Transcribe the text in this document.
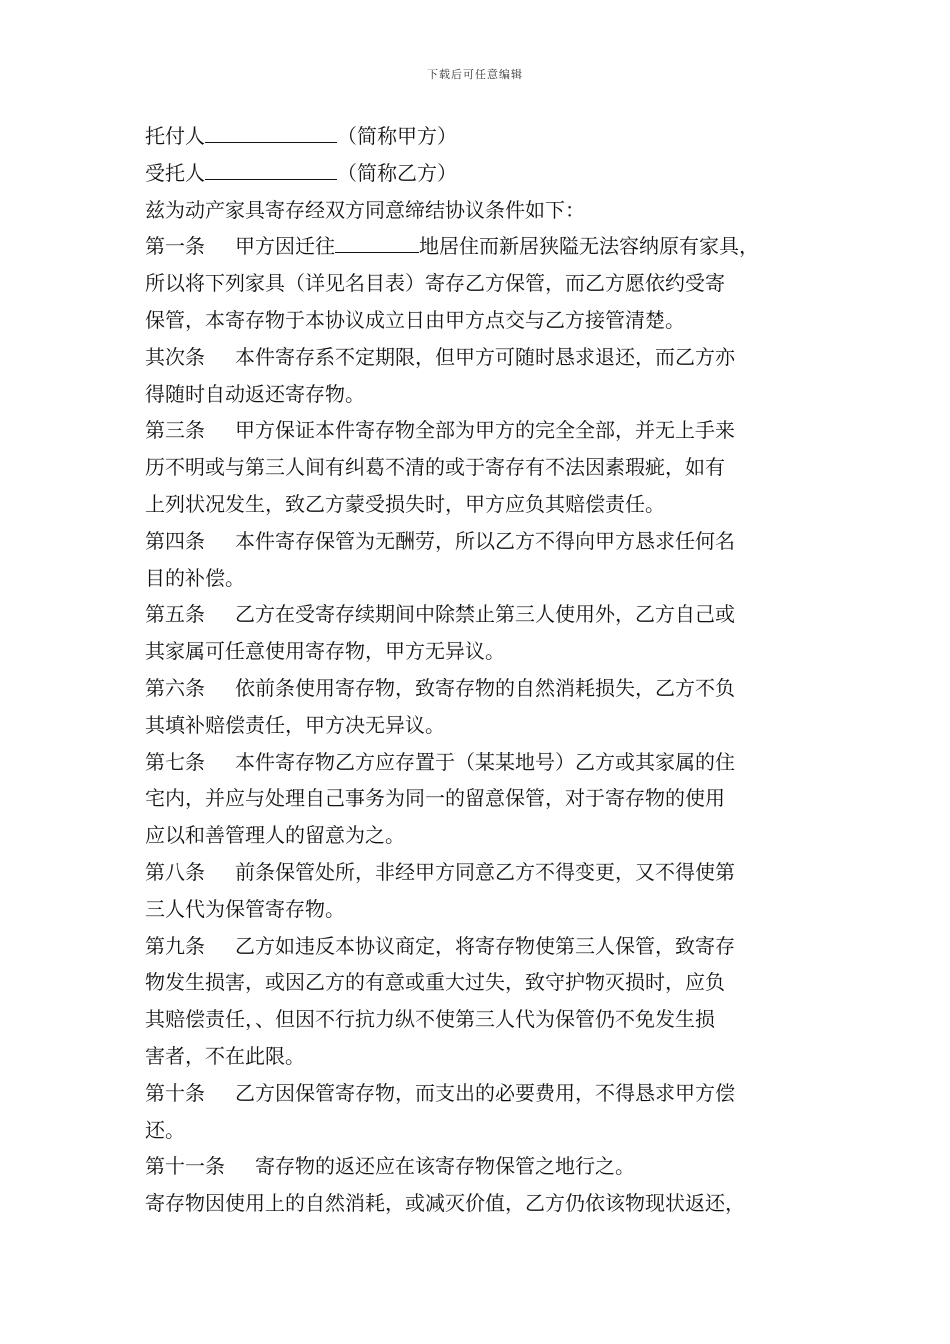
下载后可任意编辑
托付人	（简称甲方）
受托人	（简称乙方）
兹为动产家具寄存经双方同意缔结协议条件如下：
第一条　 甲方因迁往	地居住而新居狭隘无法容纳原有家具，
所以将下列家具（详见名目表）寄存乙方保管，而乙方愿依约受寄
保管，本寄存物于本协议成立日由甲方点交与乙方接管清楚。
其次条　 本件寄存系不定期限，但甲方可随时恳求退还，而乙方亦
得随时自动返还寄存物。
第三条　 甲方保证本件寄存物全部为甲方的完全全部，并无上手来
历不明或与第三人间有纠葛不清的或于寄存有不法因素瑕疵，如有
上列状况发生，致乙方蒙受损失时，甲方应负其赔偿责任。
第四条　 本件寄存保管为无酬劳，所以乙方不得向甲方恳求任何名
目的补偿。
第五条　 乙方在受寄存续期间中除禁止第三人使用外，乙方自己或
其家属可任意使用寄存物，甲方无异议。
第六条　 依前条使用寄存物，致寄存物的自然消耗损失，乙方不负
其填补赔偿责任，甲方决无异议。
第七条　 本件寄存物乙方应存置于（某某地号）乙方或其家属的住
宅内，并应与处理自己事务为同一的留意保管，对于寄存物的使用
应以和善管理人的留意为之。
第八条　 前条保管处所，非经甲方同意乙方不得变更，又不得使第
三人代为保管寄存物。
第九条　 乙方如违反本协议商定，将寄存物使第三人保管，致寄存
物发生损害，或因乙方的有意或重大过失，致守护物灭损时，应负
其赔偿责任，、但因不行抗力纵不使第三人代为保管仍不免发生损
害者，不在此限。
第十条　 乙方因保管寄存物，而支出的必要费用，不得恳求甲方偿
还。
第十一条　 寄存物的返还应在该寄存物保管之地行之。
寄存物因使用上的自然消耗，或减灭价值，乙方仍依该物现状返还，
